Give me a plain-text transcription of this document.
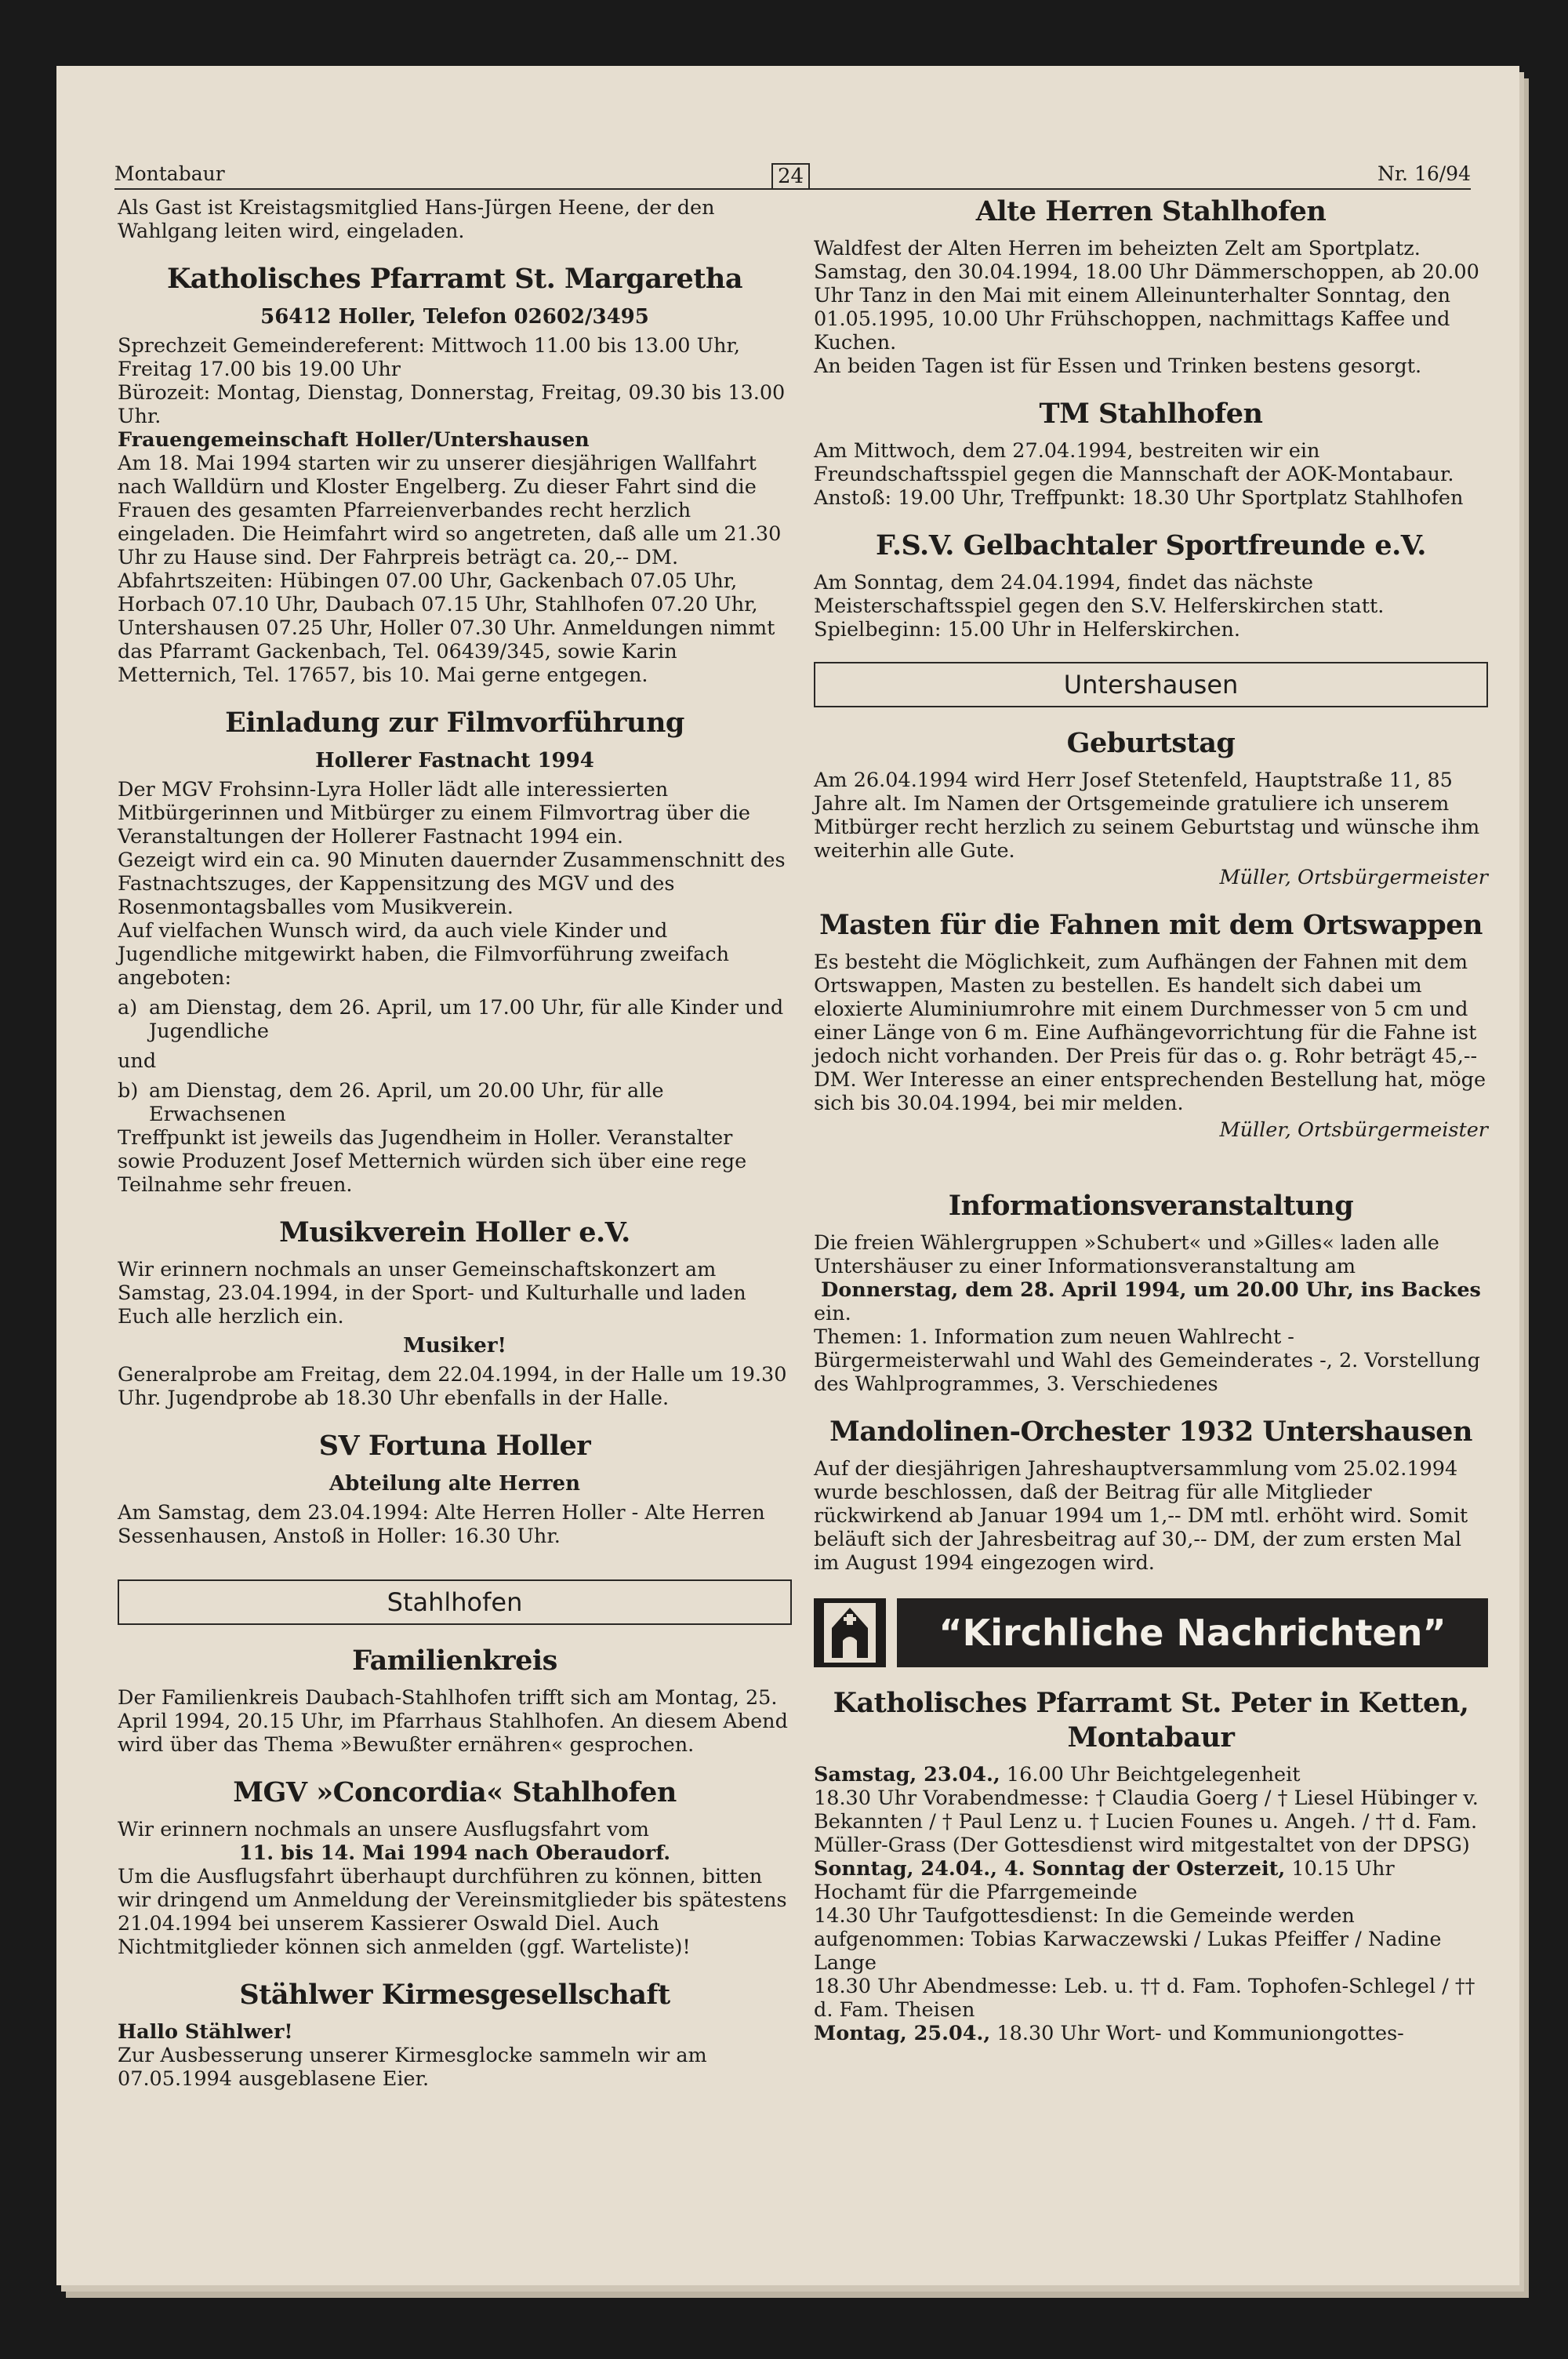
Montabaur	24	Nr. 16/94

Als Gast ist Kreistagsmitglied Hans-Jürgen Heene, der den Wahlgang leiten wird, eingeladen.

Katholisches Pfarramt St. Margaretha
56412 Holler, Telefon 02602/3495

Sprechzeit Gemeindereferent: Mittwoch 11.00 bis 13.00 Uhr, Freitag 17.00 bis 19.00 Uhr

Bürozeit: Montag, Dienstag, Donnerstag, Freitag, 09.30 bis 13.00 Uhr.

Frauengemeinschaft Holler/Untershausen

Am 18. Mai 1994 starten wir zu unserer diesjährigen Wallfahrt nach Walldürn und Kloster Engelberg. Zu dieser Fahrt sind die Frauen des gesamten Pfarreienverbandes recht herzlich eingeladen. Die Heimfahrt wird so angetreten, daß alle um 21.30 Uhr zu Hause sind. Der Fahrpreis beträgt ca. 20,-- DM. Abfahrtszeiten: Hübingen 07.00 Uhr, Gackenbach 07.05 Uhr, Horbach 07.10 Uhr, Daubach 07.15 Uhr, Stahlhofen 07.20 Uhr, Untershausen 07.25 Uhr, Holler 07.30 Uhr. Anmeldungen nimmt das Pfarramt Gackenbach, Tel. 06439/345, sowie Karin Metternich, Tel. 17657, bis 10. Mai gerne entgegen.

Einladung zur Filmvorführung
Hollerer Fastnacht 1994

Der MGV Frohsinn-Lyra Holler lädt alle interessierten Mitbürgerinnen und Mitbürger zu einem Filmvortrag über die Veranstaltungen der Hollerer Fastnacht 1994 ein.

Gezeigt wird ein ca. 90 Minuten dauernder Zusammenschnitt des Fastnachtszuges, der Kappensitzung des MGV und des Rosenmontagsballes vom Musikverein.

Auf vielfachen Wunsch wird, da auch viele Kinder und Jugendliche mitgewirkt haben, die Filmvorführung zweifach angeboten:

a) am Dienstag, dem 26. April, um 17.00 Uhr, für alle Kinder und Jugendliche

und

b) am Dienstag, dem 26. April, um 20.00 Uhr, für alle Erwachsenen

Treffpunkt ist jeweils das Jugendheim in Holler. Veranstalter sowie Produzent Josef Metternich würden sich über eine rege Teilnahme sehr freuen.

Musikverein Holler e.V.

Wir erinnern nochmals an unser Gemeinschaftskonzert am Samstag, 23.04.1994, in der Sport- und Kulturhalle und laden Euch alle herzlich ein.

Musiker!

Generalprobe am Freitag, dem 22.04.1994, in der Halle um 19.30 Uhr. Jugendprobe ab 18.30 Uhr ebenfalls in der Halle.

SV Fortuna Holler
Abteilung alte Herren

Am Samstag, dem 23.04.1994: Alte Herren Holler - Alte Herren Sessenhausen, Anstoß in Holler: 16.30 Uhr.

Stahlhofen
Familienkreis

Der Familienkreis Daubach-Stahlhofen trifft sich am Montag, 25. April 1994, 20.15 Uhr, im Pfarrhaus Stahlhofen. An diesem Abend wird über das Thema »Bewußter ernähren« gesprochen.

MGV »Concordia« Stahlhofen

Wir erinnern nochmals an unsere Ausflugsfahrt vom

11. bis 14. Mai 1994 nach Oberaudorf.

Um die Ausflugsfahrt überhaupt durchführen zu können, bitten wir dringend um Anmeldung der Vereinsmitglieder bis spätestens 21.04.1994 bei unserem Kassierer Oswald Diel. Auch Nichtmitglieder können sich anmelden (ggf. Warteliste)!

Stählwer Kirmesgesellschaft

Hallo Stählwer!

Zur Ausbesserung unserer Kirmesglocke sammeln wir am 07.05.1994 ausgeblasene Eier.

Alte Herren Stahlhofen

Waldfest der Alten Herren im beheizten Zelt am Sportplatz. Samstag, den 30.04.1994, 18.00 Uhr Dämmerschoppen, ab 20.00 Uhr Tanz in den Mai mit einem Alleinunterhalter Sonntag, den 01.05.1995, 10.00 Uhr Frühschoppen, nachmittags Kaffee und Kuchen.

An beiden Tagen ist für Essen und Trinken bestens gesorgt.

TM Stahlhofen

Am Mittwoch, dem 27.04.1994, bestreiten wir ein Freundschaftsspiel gegen die Mannschaft der AOK-Montabaur. Anstoß: 19.00 Uhr, Treffpunkt: 18.30 Uhr Sportplatz Stahlhofen

F.S.V. Gelbachtaler Sportfreunde e.V.

Am Sonntag, dem 24.04.1994, findet das nächste Meisterschaftsspiel gegen den S.V. Helferskirchen statt.

Spielbeginn: 15.00 Uhr in Helferskirchen.

Untershausen
Geburtstag

Am 26.04.1994 wird Herr Josef Stetenfeld, Hauptstraße 11, 85 Jahre alt. Im Namen der Ortsgemeinde gratuliere ich unserem Mitbürger recht herzlich zu seinem Geburtstag und wünsche ihm weiterhin alle Gute.

Müller, Ortsbürgermeister

Masten für die Fahnen mit dem Ortswappen

Es besteht die Möglichkeit, zum Aufhängen der Fahnen mit dem Ortswappen, Masten zu bestellen. Es handelt sich dabei um eloxierte Aluminiumrohre mit einem Durchmesser von 5 cm und einer Länge von 6 m. Eine Aufhängevorrichtung für die Fahne ist jedoch nicht vorhanden. Der Preis für das o. g. Rohr beträgt 45,-- DM. Wer Interesse an einer entsprechenden Bestellung hat, möge sich bis 30.04.1994, bei mir melden.

Müller, Ortsbürgermeister

Informationsveranstaltung

Die freien Wählergruppen »Schubert« und »Gilles« laden alle Untershäuser zu einer Informationsveranstaltung am

Donnerstag, dem 28. April 1994, um 20.00 Uhr, ins Backes

ein.

Themen: 1. Information zum neuen Wahlrecht - Bürgermeisterwahl und Wahl des Gemeinderates -, 2. Vorstellung des Wahlprogrammes, 3. Verschiedenes

Mandolinen-Orchester 1932 Untershausen

Auf der diesjährigen Jahreshauptversammlung vom 25.02.1994 wurde beschlossen, daß der Beitrag für alle Mitglieder rückwirkend ab Januar 1994 um 1,-- DM mtl. erhöht wird. Somit beläuft sich der Jahresbeitrag auf 30,-- DM, der zum ersten Mal im August 1994 eingezogen wird.

“Kirchliche Nachrichten”
Katholisches Pfarramt St. Peter in Ketten, Montabaur

Samstag, 23.04., 16.00 Uhr Beichtgelegenheit

18.30 Uhr Vorabendmesse: † Claudia Goerg / † Liesel Hübinger v. Bekannten / † Paul Lenz u. † Lucien Founes u. Angeh. / †† d. Fam. Müller-Grass (Der Gottesdienst wird mitgestaltet von der DPSG)

Sonntag, 24.04., 4. Sonntag der Osterzeit, 10.15 Uhr Hochamt für die Pfarrgemeinde

14.30 Uhr Taufgottesdienst: In die Gemeinde werden aufgenommen: Tobias Karwaczewski / Lukas Pfeiffer / Nadine Lange

18.30 Uhr Abendmesse: Leb. u. †† d. Fam. Tophofen-Schlegel / †† d. Fam. Theisen

Montag, 25.04., 18.30 Uhr Wort- und Kommuniongottes-
